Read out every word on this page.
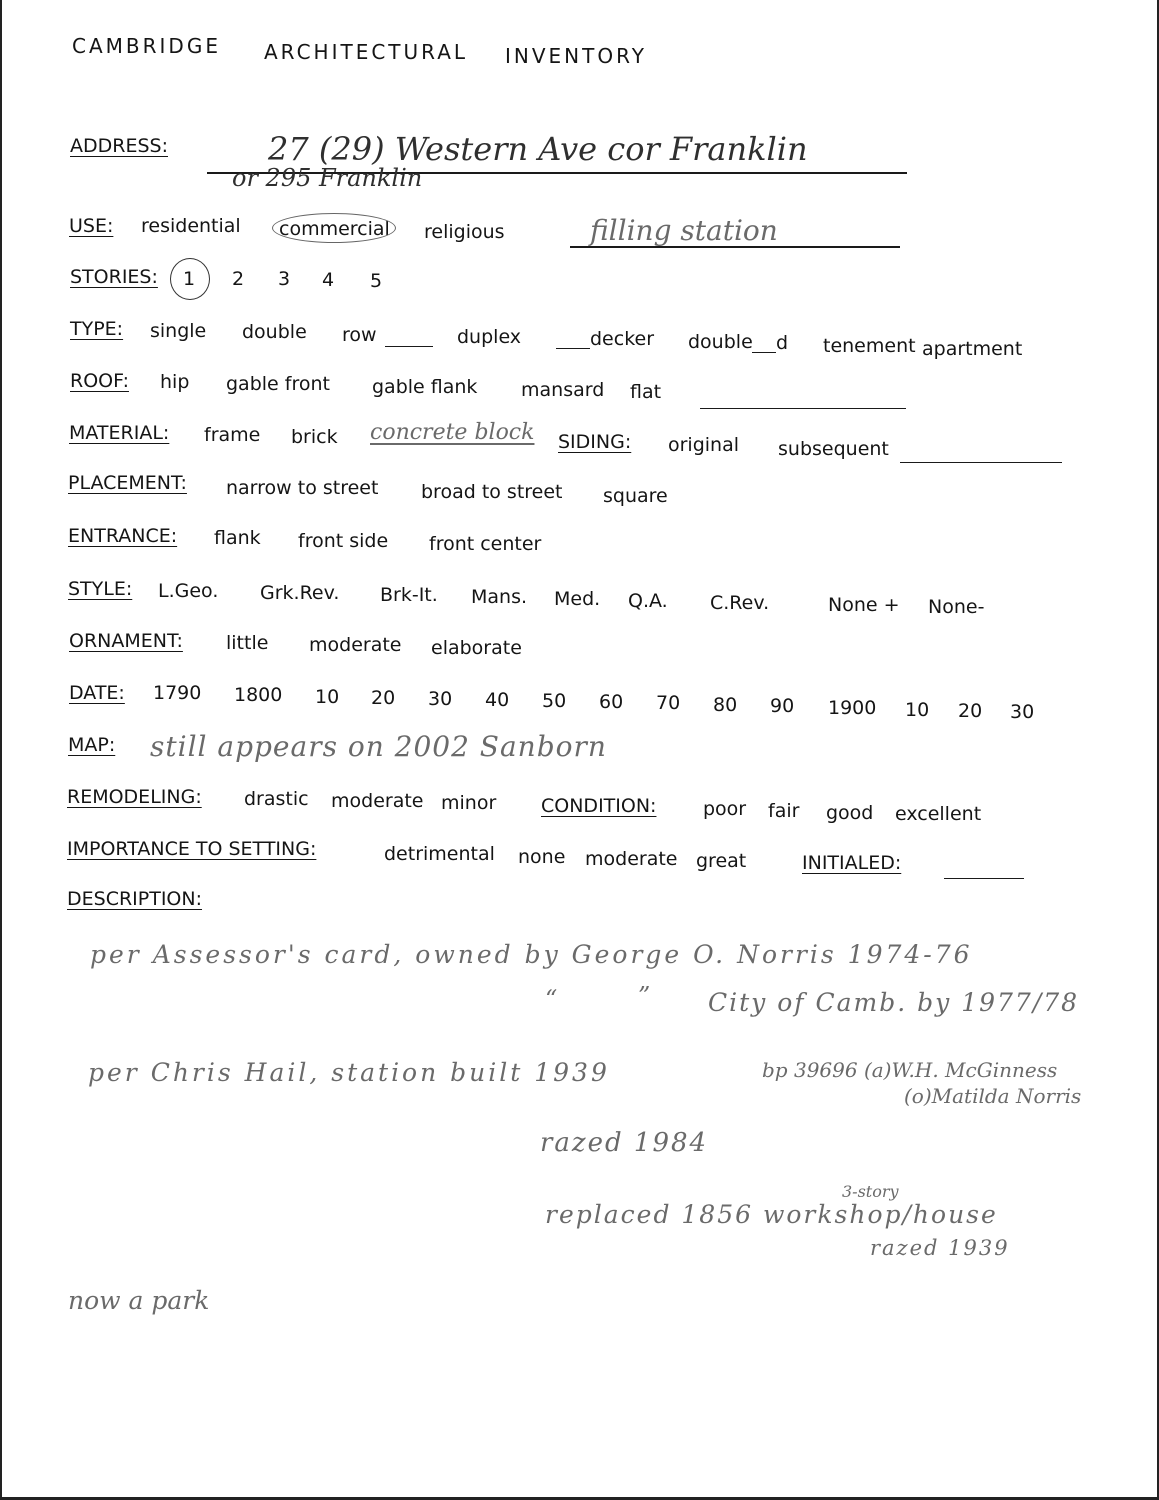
CAMBRIDGE ARCHITECTURAL INVENTORY
ADDRESS:	27 (29) Western Ave cor Franklin
or 295 Franklin
USE: residential commercial religious	filling station
STORIES: 1 2 3 4 5
TYPE: single double row	duplex	decker double d tenement apartment
ROOF: hip gable front gable flank mansard flat
MATERIAL: frame brick concrete block SIDING: original subsequent
PLACEMENT: narrow to street broad to street square
ENTRANCE: flank front side front center
STYLE: L.Geo. Grk.Rev. Brk-It. Mans. Med. Q.A. C.Rev.	None + None-
ORNAMENT: little moderate elaborate
DATE: 1790 1800 10 20 30 40 50 60 70 80 90 1900 10 20 30
MAP: still appears on 2002 Sanborn
REMODELING: drastic moderate minor CONDITION: poor fair good excellent
IMPORTANCE TO SETTING:	detrimental none moderate great	INITIALED:
DESCRIPTION:
per Assessor's card, owned by George O. Norris 1974-76
“	” City of Camb. by 1977/78
per Chris Hail, station built 1939	bp 39696 (a)W.H. McGinness
(o)Matilda Norris
razed 1984
3-story
replaced 1856 workshop/house
razed 1939
now a park
